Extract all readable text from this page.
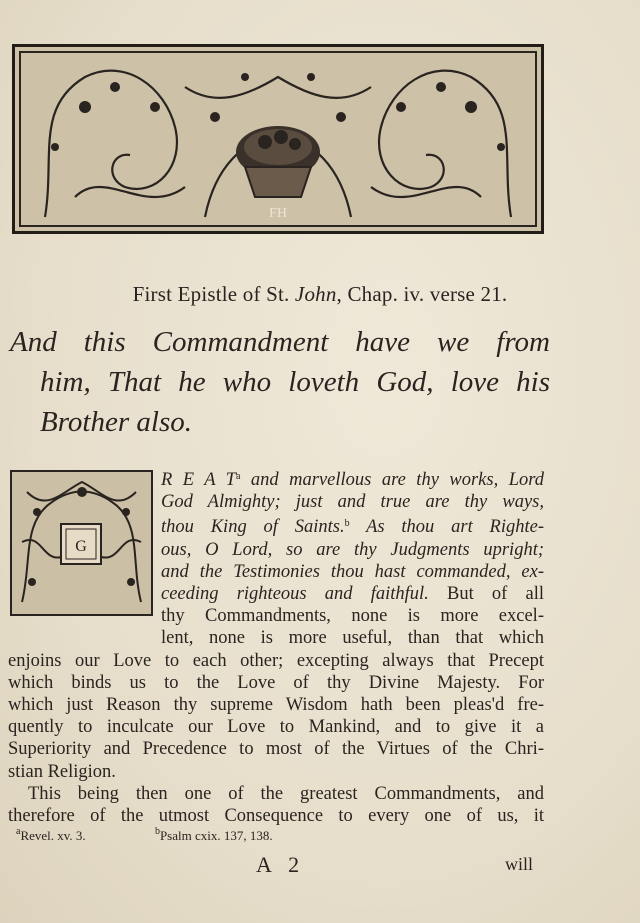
FH
First Epistle of St. John, Chap. iv. verse 21.
And this Commandment have we from
him, That he who loveth God, love his
Brother also.
G
R E A $T^a$ and marvellous are thy works, Lord
God Almighty; just and true are thy ways,
thou King of Saints.$^b$ As thou art Righte-
ous, O Lord, so are thy Judgments upright;
and the Testimonies thou hast commanded, ex-
ceeding righteous and faithful. But of all
thy Commandments, none is more excel-
lent, none is more useful, than that which
enjoins our Love to each other; excepting always that Precept
which binds us to the Love of thy Divine Majesty. For
which just Reason thy supreme Wisdom hath been pleas'd fre-
quently to inculcate our Love to Mankind, and to give it a
Superiority and Precedence to most of the Virtues of the Chri-
stian Religion.
This being then one of the greatest Commandments, and
therefore of the utmost Consequence to every one of us, it
aRevel. xv. 3.	bPsalm cxix. 137, 138.
A 2	will
